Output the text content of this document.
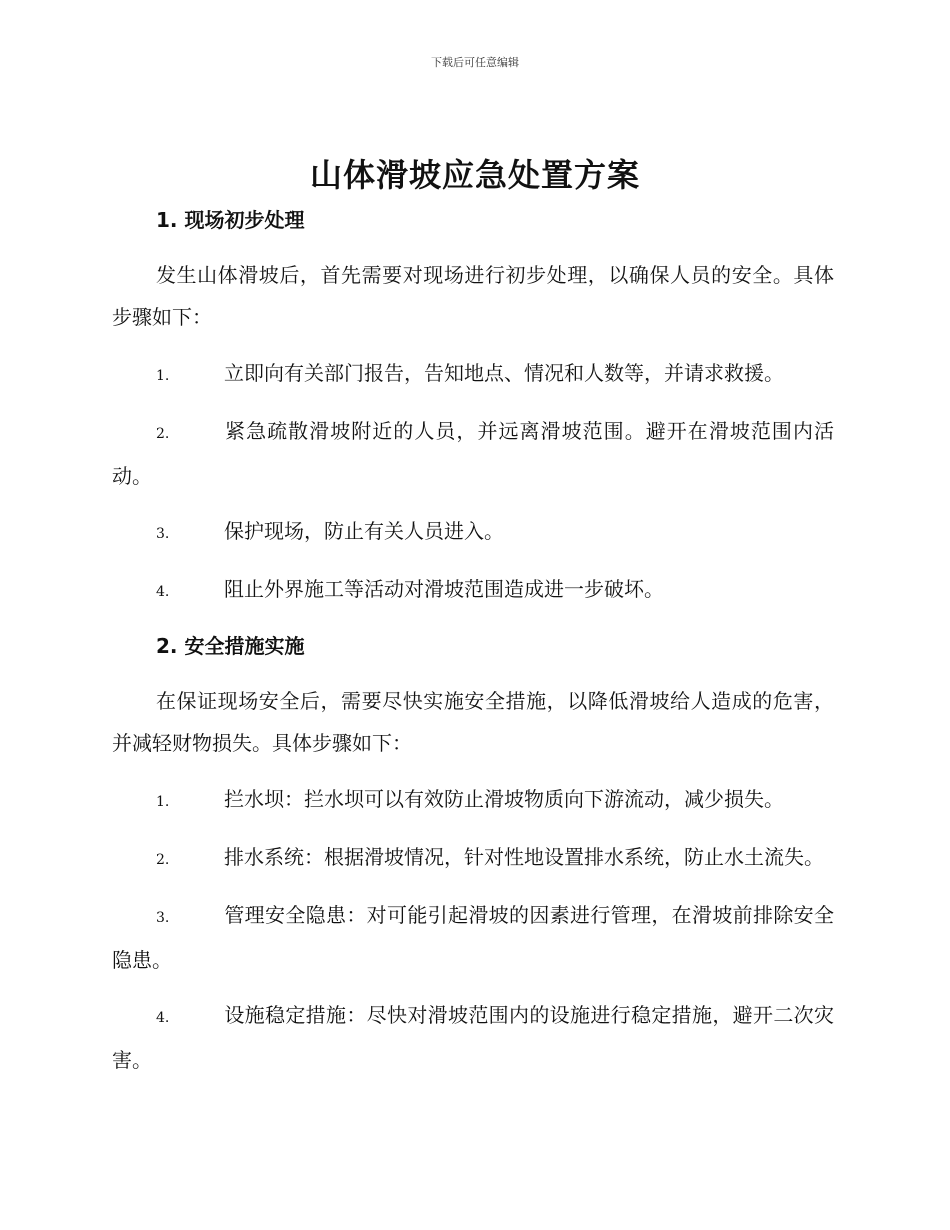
下载后可任意编辑
山体滑坡应急处置方案
1. 现场初步处理

发生山体滑坡后，首先需要对现场进行初步处理，以确保人员的安全。具体步骤如下：

1.	立即向有关部门报告，告知地点、情况和人数等，并请求救援。
2.	紧急疏散滑坡附近的人员，并远离滑坡范围。避开在滑坡范围内活动。
3.	保护现场，防止有关人员进入。
4.	阻止外界施工等活动对滑坡范围造成进一步破坏。
2. 安全措施实施

在保证现场安全后，需要尽快实施安全措施，以降低滑坡给人造成的危害，并减轻财物损失。具体步骤如下：

1.	拦水坝：拦水坝可以有效防止滑坡物质向下游流动，减少损失。
2.	排水系统：根据滑坡情况，针对性地设置排水系统，防止水土流失。
3.	管理安全隐患：对可能引起滑坡的因素进行管理，在滑坡前排除安全隐患。
4.	设施稳定措施：尽快对滑坡范围内的设施进行稳定措施，避开二次灾害。
